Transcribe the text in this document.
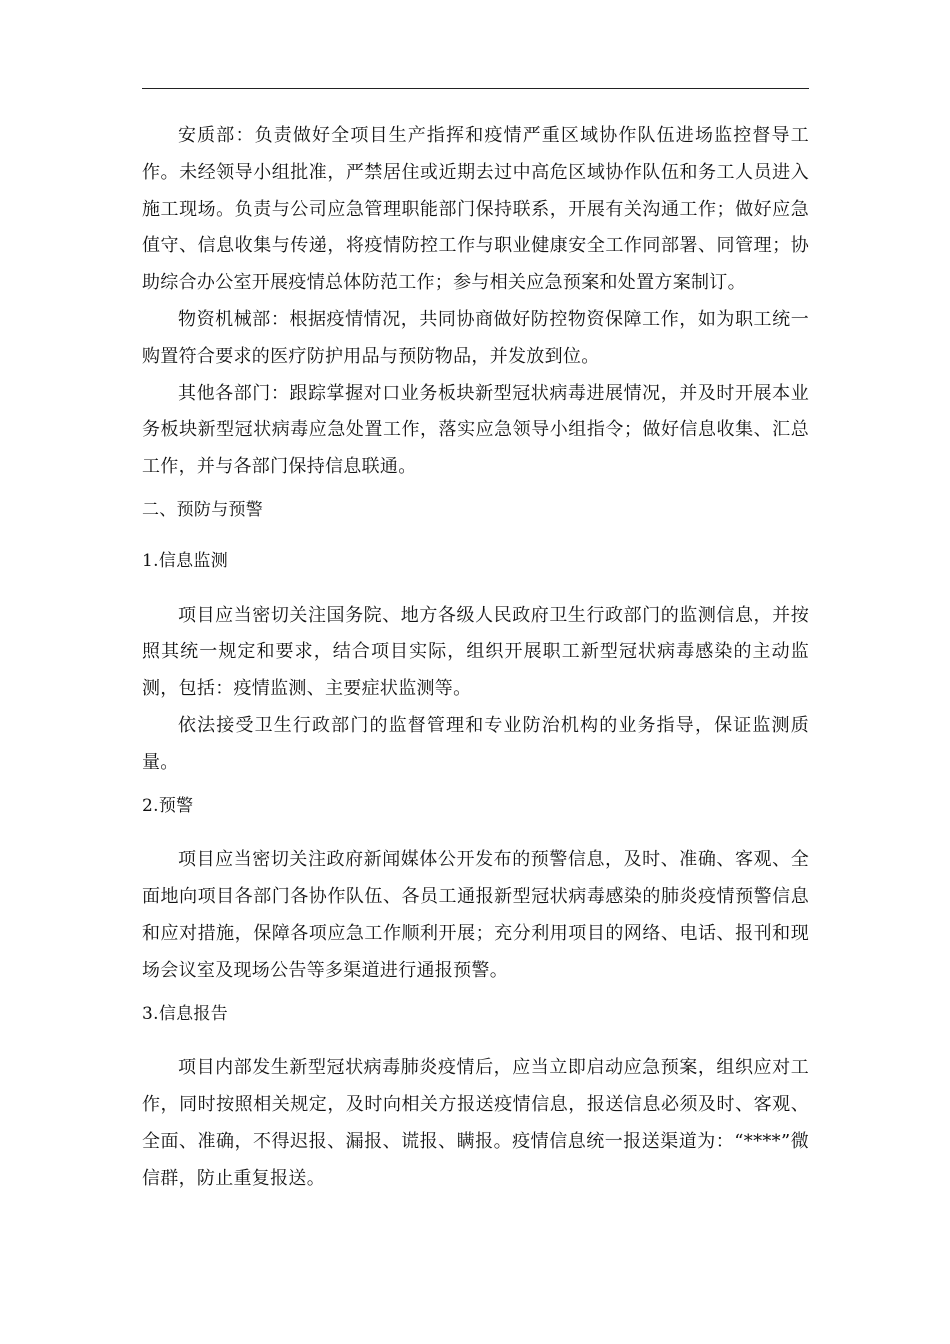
安质部：负责做好全项目生产指挥和疫情严重区域协作队伍进场监控督导工作。未经领导小组批准，严禁居住或近期去过中高危区域协作队伍和务工人员进入施工现场。负责与公司应急管理职能部门保持联系，开展有关沟通工作；做好应急值守、信息收集与传递，将疫情防控工作与职业健康安全工作同部署、同管理；协助综合办公室开展疫情总体防范工作；参与相关应急预案和处置方案制订。

物资机械部：根据疫情情况，共同协商做好防控物资保障工作，如为职工统一购置符合要求的医疗防护用品与预防物品，并发放到位。

其他各部门：跟踪掌握对口业务板块新型冠状病毒进展情况，并及时开展本业务板块新型冠状病毒应急处置工作，落实应急领导小组指令；做好信息收集、汇总工作，并与各部门保持信息联通。

二、预防与预警

1.信息监测

项目应当密切关注国务院、地方各级人民政府卫生行政部门的监测信息，并按照其统一规定和要求，结合项目实际，组织开展职工新型冠状病毒感染的主动监测，包括：疫情监测、主要症状监测等。

依法接受卫生行政部门的监督管理和专业防治机构的业务指导，保证监测质量。

2.预警

项目应当密切关注政府新闻媒体公开发布的预警信息，及时、准确、客观、全面地向项目各部门各协作队伍、各员工通报新型冠状病毒感染的肺炎疫情预警信息和应对措施，保障各项应急工作顺利开展；充分利用项目的网络、电话、报刊和现场会议室及现场公告等多渠道进行通报预警。

3.信息报告

项目内部发生新型冠状病毒肺炎疫情后，应当立即启动应急预案，组织应对工作，同时按照相关规定，及时向相关方报送疫情信息，报送信息必须及时、客观、全面、准确，不得迟报、漏报、谎报、瞒报。疫情信息统一报送渠道为：“****”微信群，防止重复报送。
